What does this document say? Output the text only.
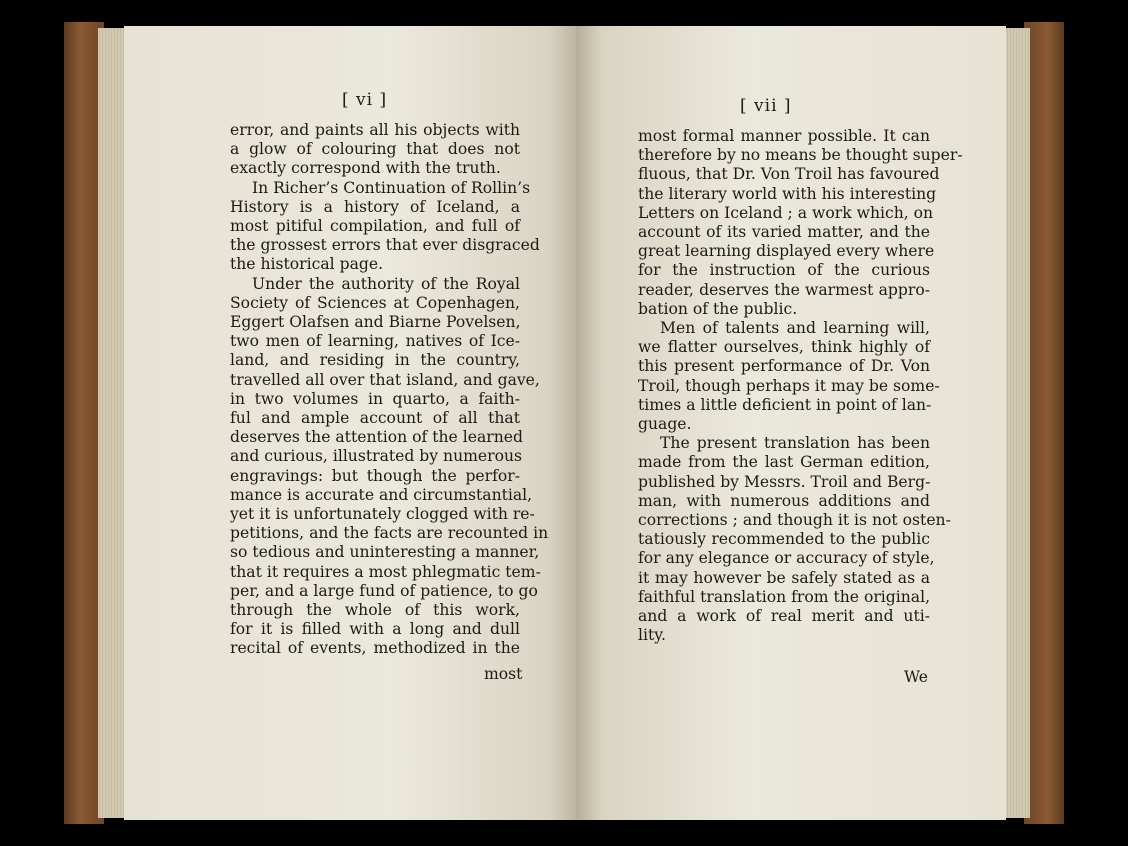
[ vi ]
error, and paints all his objects with
a glow of colouring that does not
exactly correspond with the truth.
In Richer’s Continuation of Rollin’s
History is a history of Iceland, a
most pitiful compilation, and full of
the grossest errors that ever disgraced
the historical page.
Under the authority of the Royal
Society of Sciences at Copenhagen,
Eggert Olafsen and Biarne Povelsen,
two men of learning, natives of Ice-
land, and residing in the country,
travelled all over that island, and gave,
in two volumes in quarto, a faith-
ful and ample account of all that
deserves the attention of the learned
and curious, illustrated by numerous
engravings: but though the perfor-
mance is accurate and circumstantial,
yet it is unfortunately clogged with re-
petitions, and the facts are recounted in
so tedious and uninteresting a manner,
that it requires a most phlegmatic tem-
per, and a large fund of patience, to go
through the whole of this work,
for it is filled with a long and dull
recital of events, methodized in the
most
[ vii ]
most formal manner possible. It can
therefore by no means be thought super-
fluous, that Dr. Von Troil has favoured
the literary world with his interesting
Letters on Iceland ; a work which, on
account of its varied matter, and the
great learning displayed every where
for the instruction of the curious
reader, deserves the warmest appro-
bation of the public.
Men of talents and learning will,
we flatter ourselves, think highly of
this present performance of Dr. Von
Troil, though perhaps it may be some-
times a little deficient in point of lan-
guage.
The present translation has been
made from the last German edition,
published by Messrs. Troil and Berg-
man, with numerous additions and
corrections ; and though it is not osten-
tatiously recommended to the public
for any elegance or accuracy of style,
it may however be safely stated as a
faithful translation from the original,
and a work of real merit and uti-
lity.
We
